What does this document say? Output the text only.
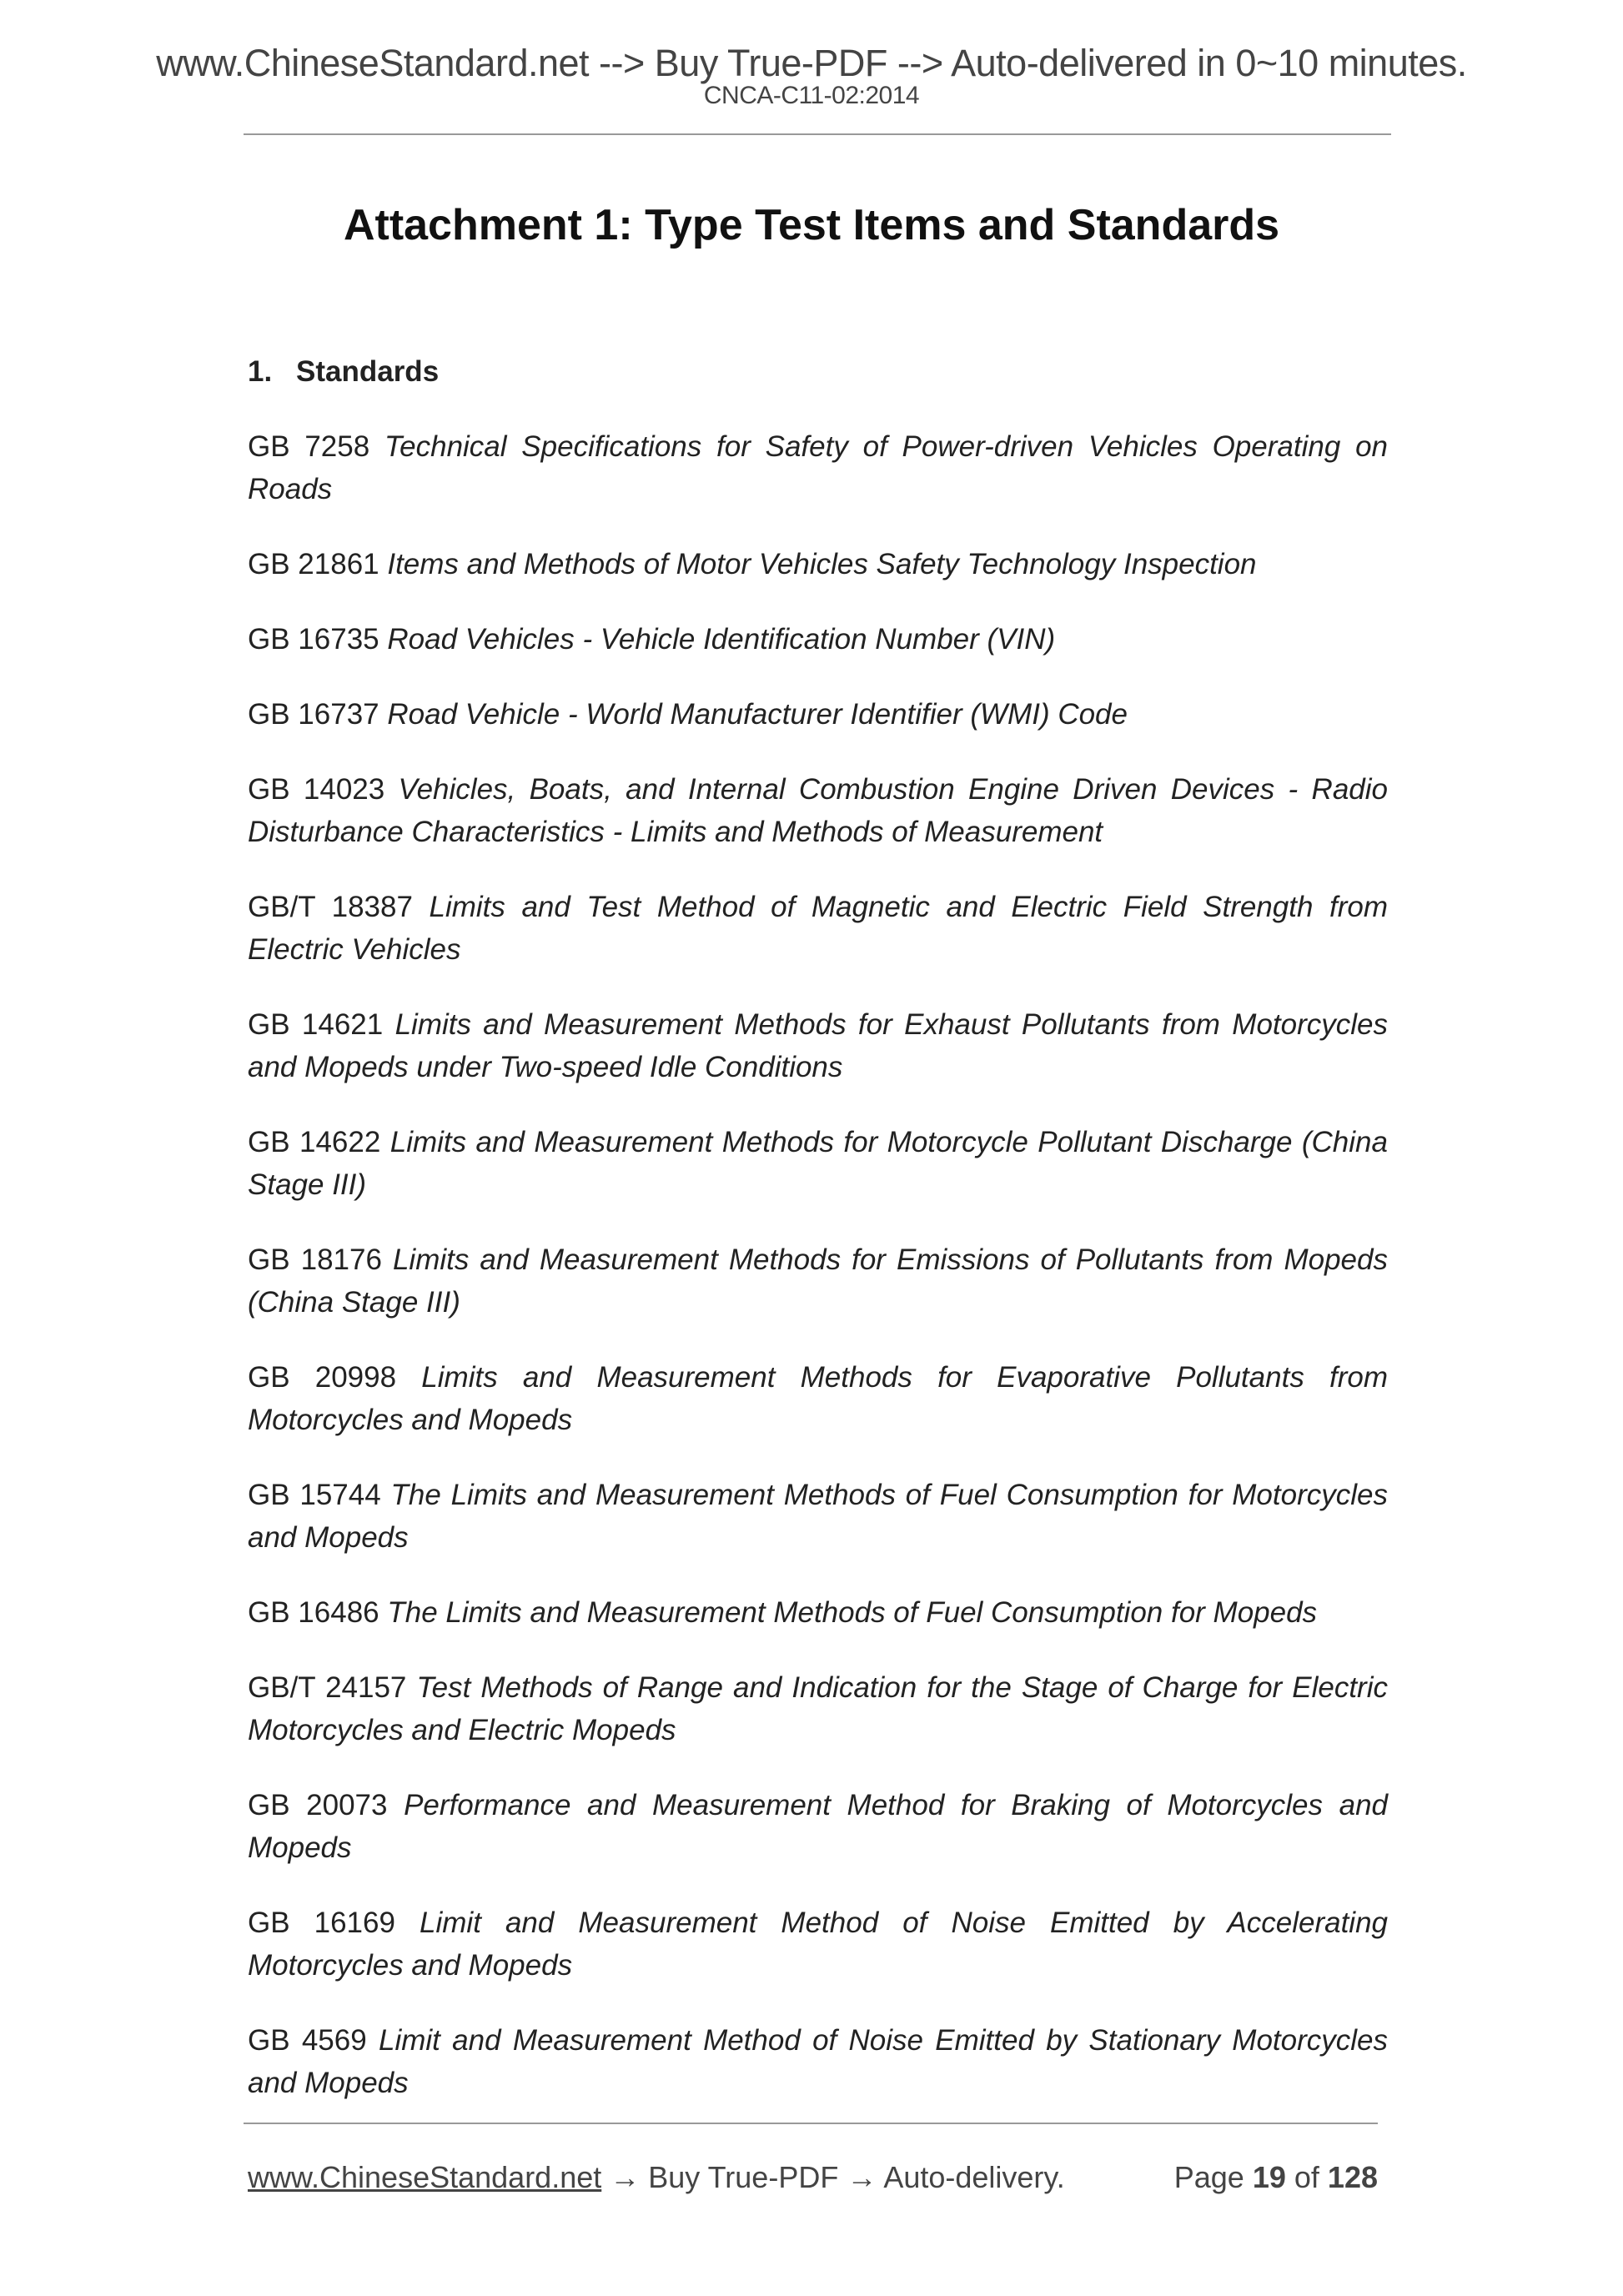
www.ChineseStandard.net --> Buy True-PDF --> Auto-delivered in 0~10 minutes.
CNCA-C11-02:2014
Attachment 1: Type Test Items and Standards
1. Standards
GB 7258 Technical Specifications for Safety of Power-driven Vehicles Operating on Roads
GB 21861 Items and Methods of Motor Vehicles Safety Technology Inspection
GB 16735 Road Vehicles - Vehicle Identification Number (VIN)
GB 16737 Road Vehicle - World Manufacturer Identifier (WMI) Code
GB 14023 Vehicles, Boats, and Internal Combustion Engine Driven Devices - Radio Disturbance Characteristics - Limits and Methods of Measurement
GB/T 18387 Limits and Test Method of Magnetic and Electric Field Strength from Electric Vehicles
GB 14621 Limits and Measurement Methods for Exhaust Pollutants from Motorcycles and Mopeds under Two-speed Idle Conditions
GB 14622 Limits and Measurement Methods for Motorcycle Pollutant Discharge (China Stage III)
GB 18176 Limits and Measurement Methods for Emissions of Pollutants from Mopeds (China Stage III)
GB 20998 Limits and Measurement Methods for Evaporative Pollutants from Motorcycles and Mopeds
GB 15744 The Limits and Measurement Methods of Fuel Consumption for Motorcycles and Mopeds
GB 16486 The Limits and Measurement Methods of Fuel Consumption for Mopeds
GB/T 24157 Test Methods of Range and Indication for the Stage of Charge for Electric Motorcycles and Electric Mopeds
GB 20073 Performance and Measurement Method for Braking of Motorcycles and Mopeds
GB 16169 Limit and Measurement Method of Noise Emitted by Accelerating Motorcycles and Mopeds
GB 4569 Limit and Measurement Method of Noise Emitted by Stationary Motorcycles and Mopeds
www.ChineseStandard.net → Buy True-PDF → Auto-delivery.	Page 19 of 128
